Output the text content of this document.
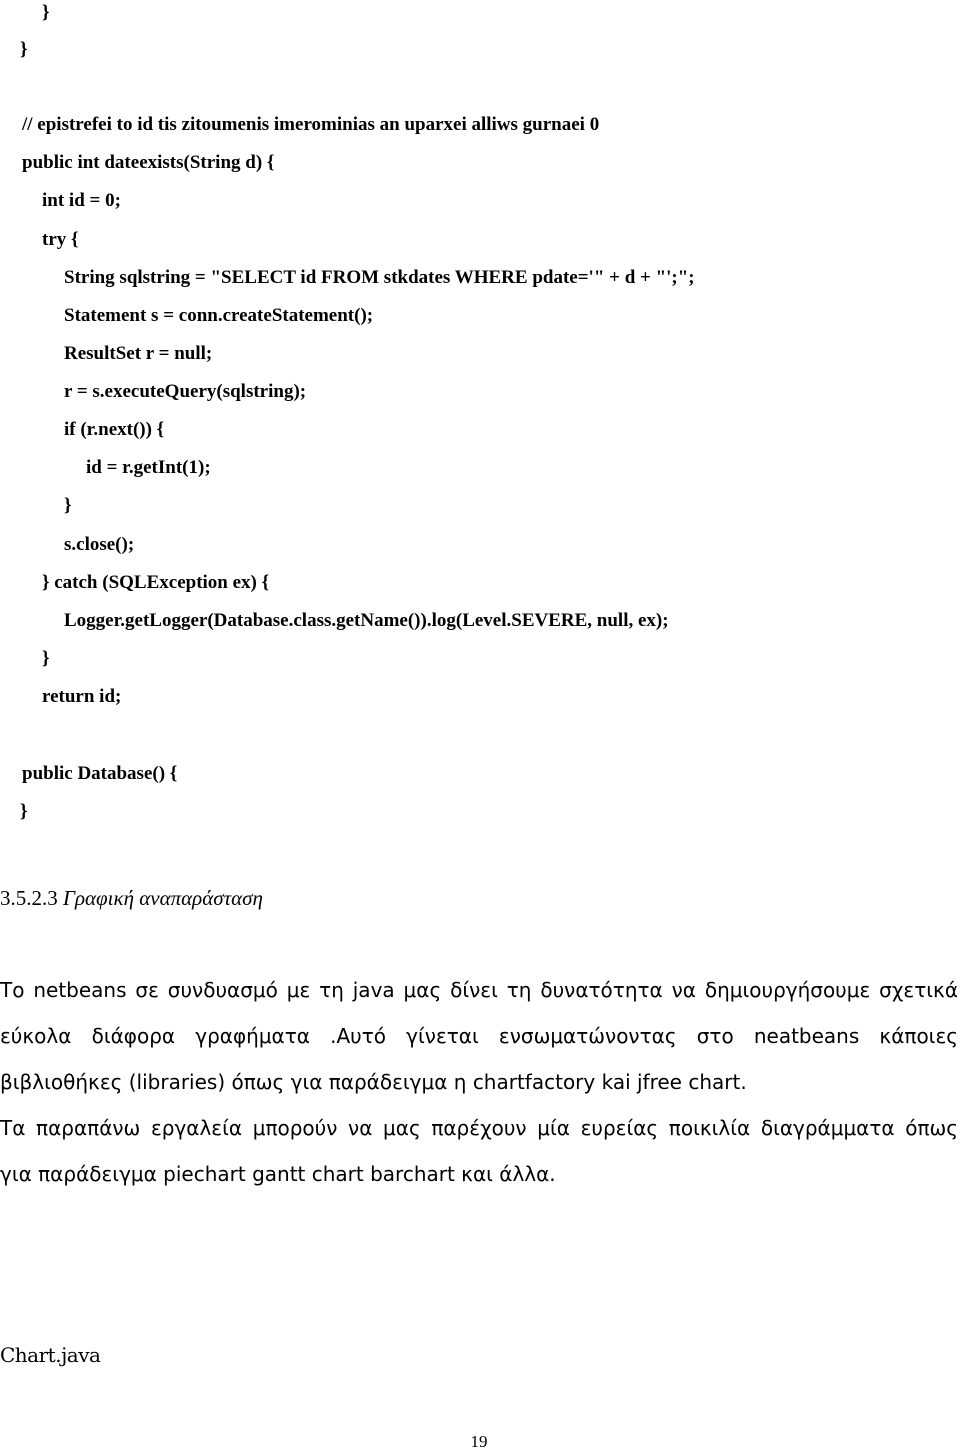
}
}
// epistrefei to id tis zitoumenis imerominias an uparxei alliws gurnaei 0
public int dateexists(String d) {
int id = 0;
try {
String sqlstring = "SELECT id FROM stkdates WHERE pdate='" + d + "';";
Statement s = conn.createStatement();
ResultSet r = null;
r = s.executeQuery(sqlstring);
if (r.next()) {
id = r.getInt(1);
}
s.close();
} catch (SQLException ex) {
Logger.getLogger(Database.class.getName()).log(Level.SEVERE, null, ex);
}
return id;
public Database() {
}
3.5.2.3 Γραφική αναπαράσταση
Το netbeans σε συνδυασμό με τη java μας δίνει τη δυνατότητα να δημιουργήσουμε σχετικά
εύκολα διάφορα γραφήματα .Αυτό γίνεται ενσωματώνοντας στο neatbeans κάποιες
βιβλιοθήκες (libraries) όπως για παράδειγμα η chartfactory kai jfree chart.
Τα παραπάνω εργαλεία μπορούν να μας παρέχουν μία ευρείας ποικιλία διαγράμματα όπως
για παράδειγμα piechart gantt chart barchart και άλλα.
Chart.java
19
